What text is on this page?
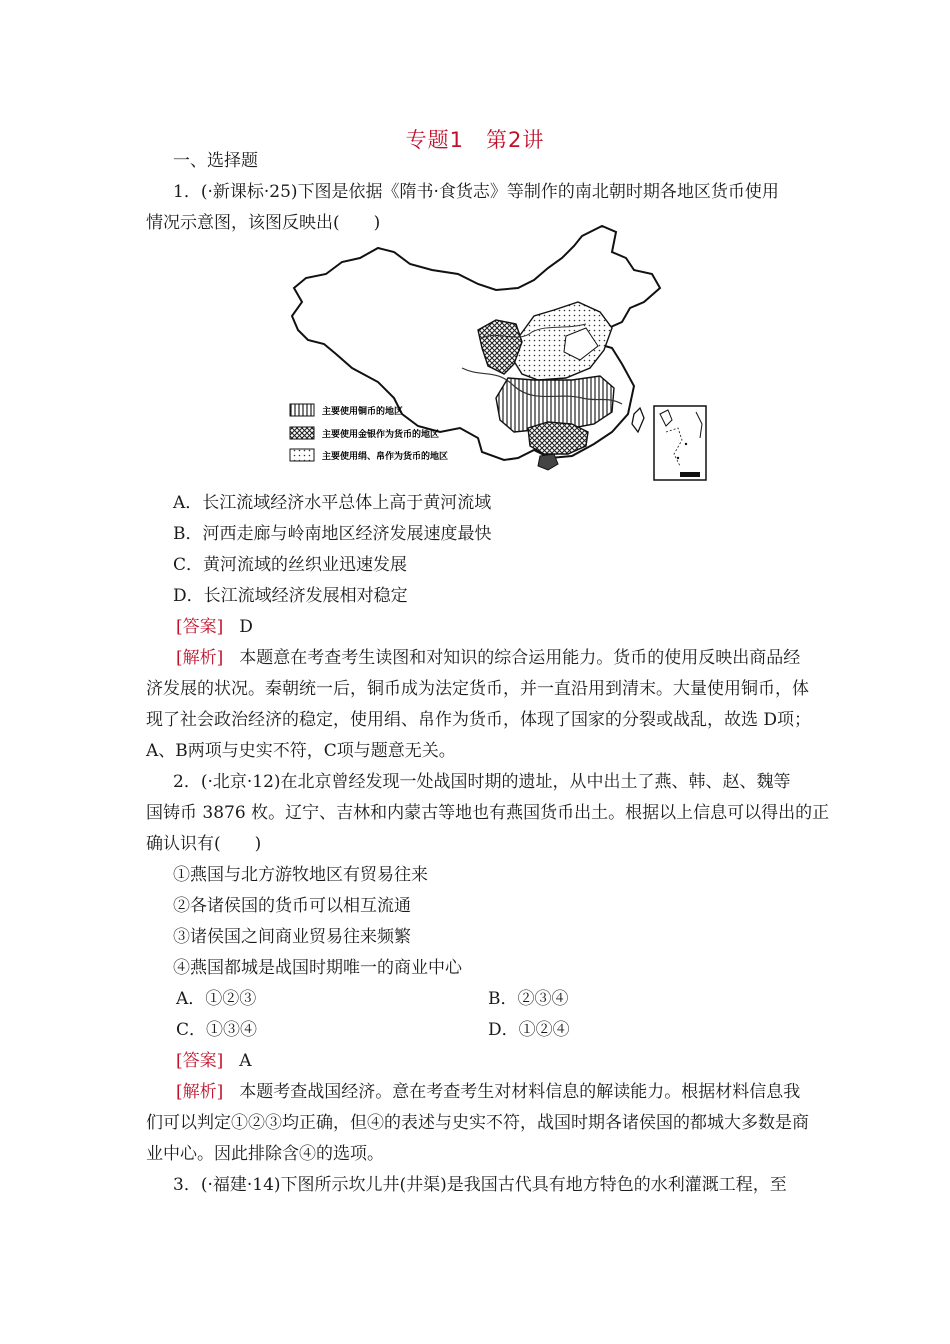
专题1　第2讲
一、选择题
1．(·新课标·25)下图是依据《隋书·食货志》等制作的南北朝时期各地区货币使用
情况示意图，该图反映出(　　)
主要使用铜币的地区
主要使用金银作为货币的地区
主要使用绢、帛作为货币的地区
A．长江流域经济水平总体上高于黄河流域
B．河西走廊与岭南地区经济发展速度最快
C．黄河流域的丝织业迅速发展
D．长江流域经济发展相对稳定
[答案] D
[解析] 本题意在考查考生读图和对知识的综合运用能力。货币的使用反映出商品经
济发展的状况。秦朝统一后，铜币成为法定货币，并一直沿用到清末。大量使用铜币，体
现了社会政治经济的稳定，使用绢、帛作为货币，体现了国家的分裂或战乱，故选 D项；
A、B两项与史实不符，C项与题意无关。
2．(·北京·12)在北京曾经发现一处战国时期的遗址，从中出土了燕、韩、赵、魏等
国铸币 3876 枚。辽宁、吉林和内蒙古等地也有燕国货币出土。根据以上信息可以得出的正
确认识有(　　)
①燕国与北方游牧地区有贸易往来
②各诸侯国的货币可以相互流通
③诸侯国之间商业贸易往来频繁
④燕国都城是战国时期唯一的商业中心
A．①②③	B．②③④
C．①③④	D．①②④
[答案] A
[解析] 本题考查战国经济。意在考查考生对材料信息的解读能力。根据材料信息我
们可以判定①②③均正确，但④的表述与史实不符，战国时期各诸侯国的都城大多数是商
业中心。因此排除含④的选项。
3．(·福建·14)下图所示坎儿井(井渠)是我国古代具有地方特色的水利灌溉工程，至
